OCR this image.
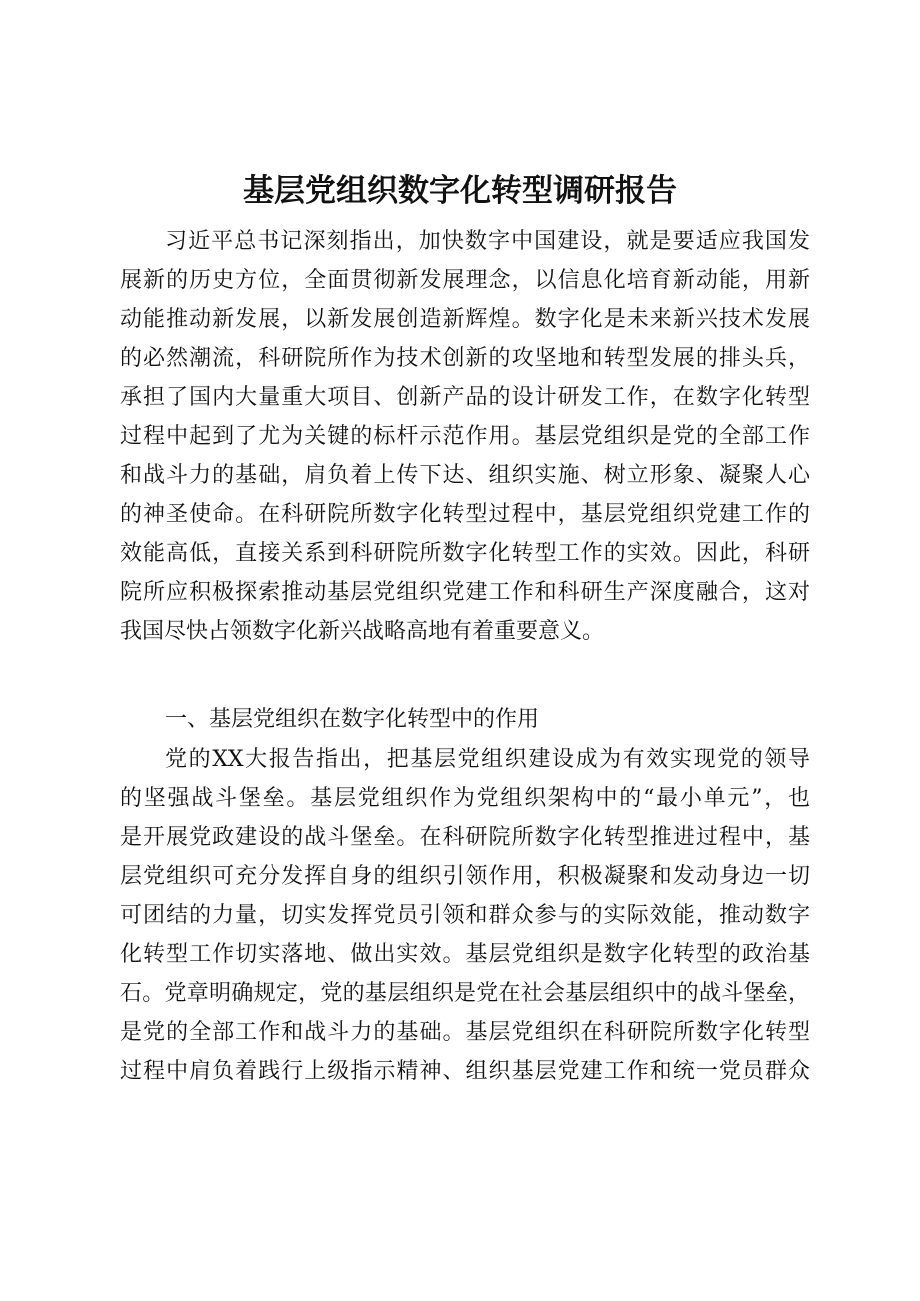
基层党组织数字化转型调研报告
习近平总书记深刻指出，加快数字中国建设，就是要适应我国发
展新的历史方位，全面贯彻新发展理念，以信息化培育新动能，用新
动能推动新发展，以新发展创造新辉煌。数字化是未来新兴技术发展
的必然潮流，科研院所作为技术创新的攻坚地和转型发展的排头兵，
承担了国内大量重大项目、创新产品的设计研发工作，在数字化转型
过程中起到了尤为关键的标杆示范作用。基层党组织是党的全部工作
和战斗力的基础，肩负着上传下达、组织实施、树立形象、凝聚人心
的神圣使命。在科研院所数字化转型过程中，基层党组织党建工作的
效能高低，直接关系到科研院所数字化转型工作的实效。因此，科研
院所应积极探索推动基层党组织党建工作和科研生产深度融合，这对
我国尽快占领数字化新兴战略高地有着重要意义。
一、基层党组织在数字化转型中的作用
党的XX大报告指出，把基层党组织建设成为有效实现党的领导
的坚强战斗堡垒。基层党组织作为党组织架构中的“最小单元”，也
是开展党政建设的战斗堡垒。在科研院所数字化转型推进过程中，基
层党组织可充分发挥自身的组织引领作用，积极凝聚和发动身边一切
可团结的力量，切实发挥党员引领和群众参与的实际效能，推动数字
化转型工作切实落地、做出实效。基层党组织是数字化转型的政治基
石。党章明确规定，党的基层组织是党在社会基层组织中的战斗堡垒，
是党的全部工作和战斗力的基础。基层党组织在科研院所数字化转型
过程中肩负着践行上级指示精神、组织基层党建工作和统一党员群众
